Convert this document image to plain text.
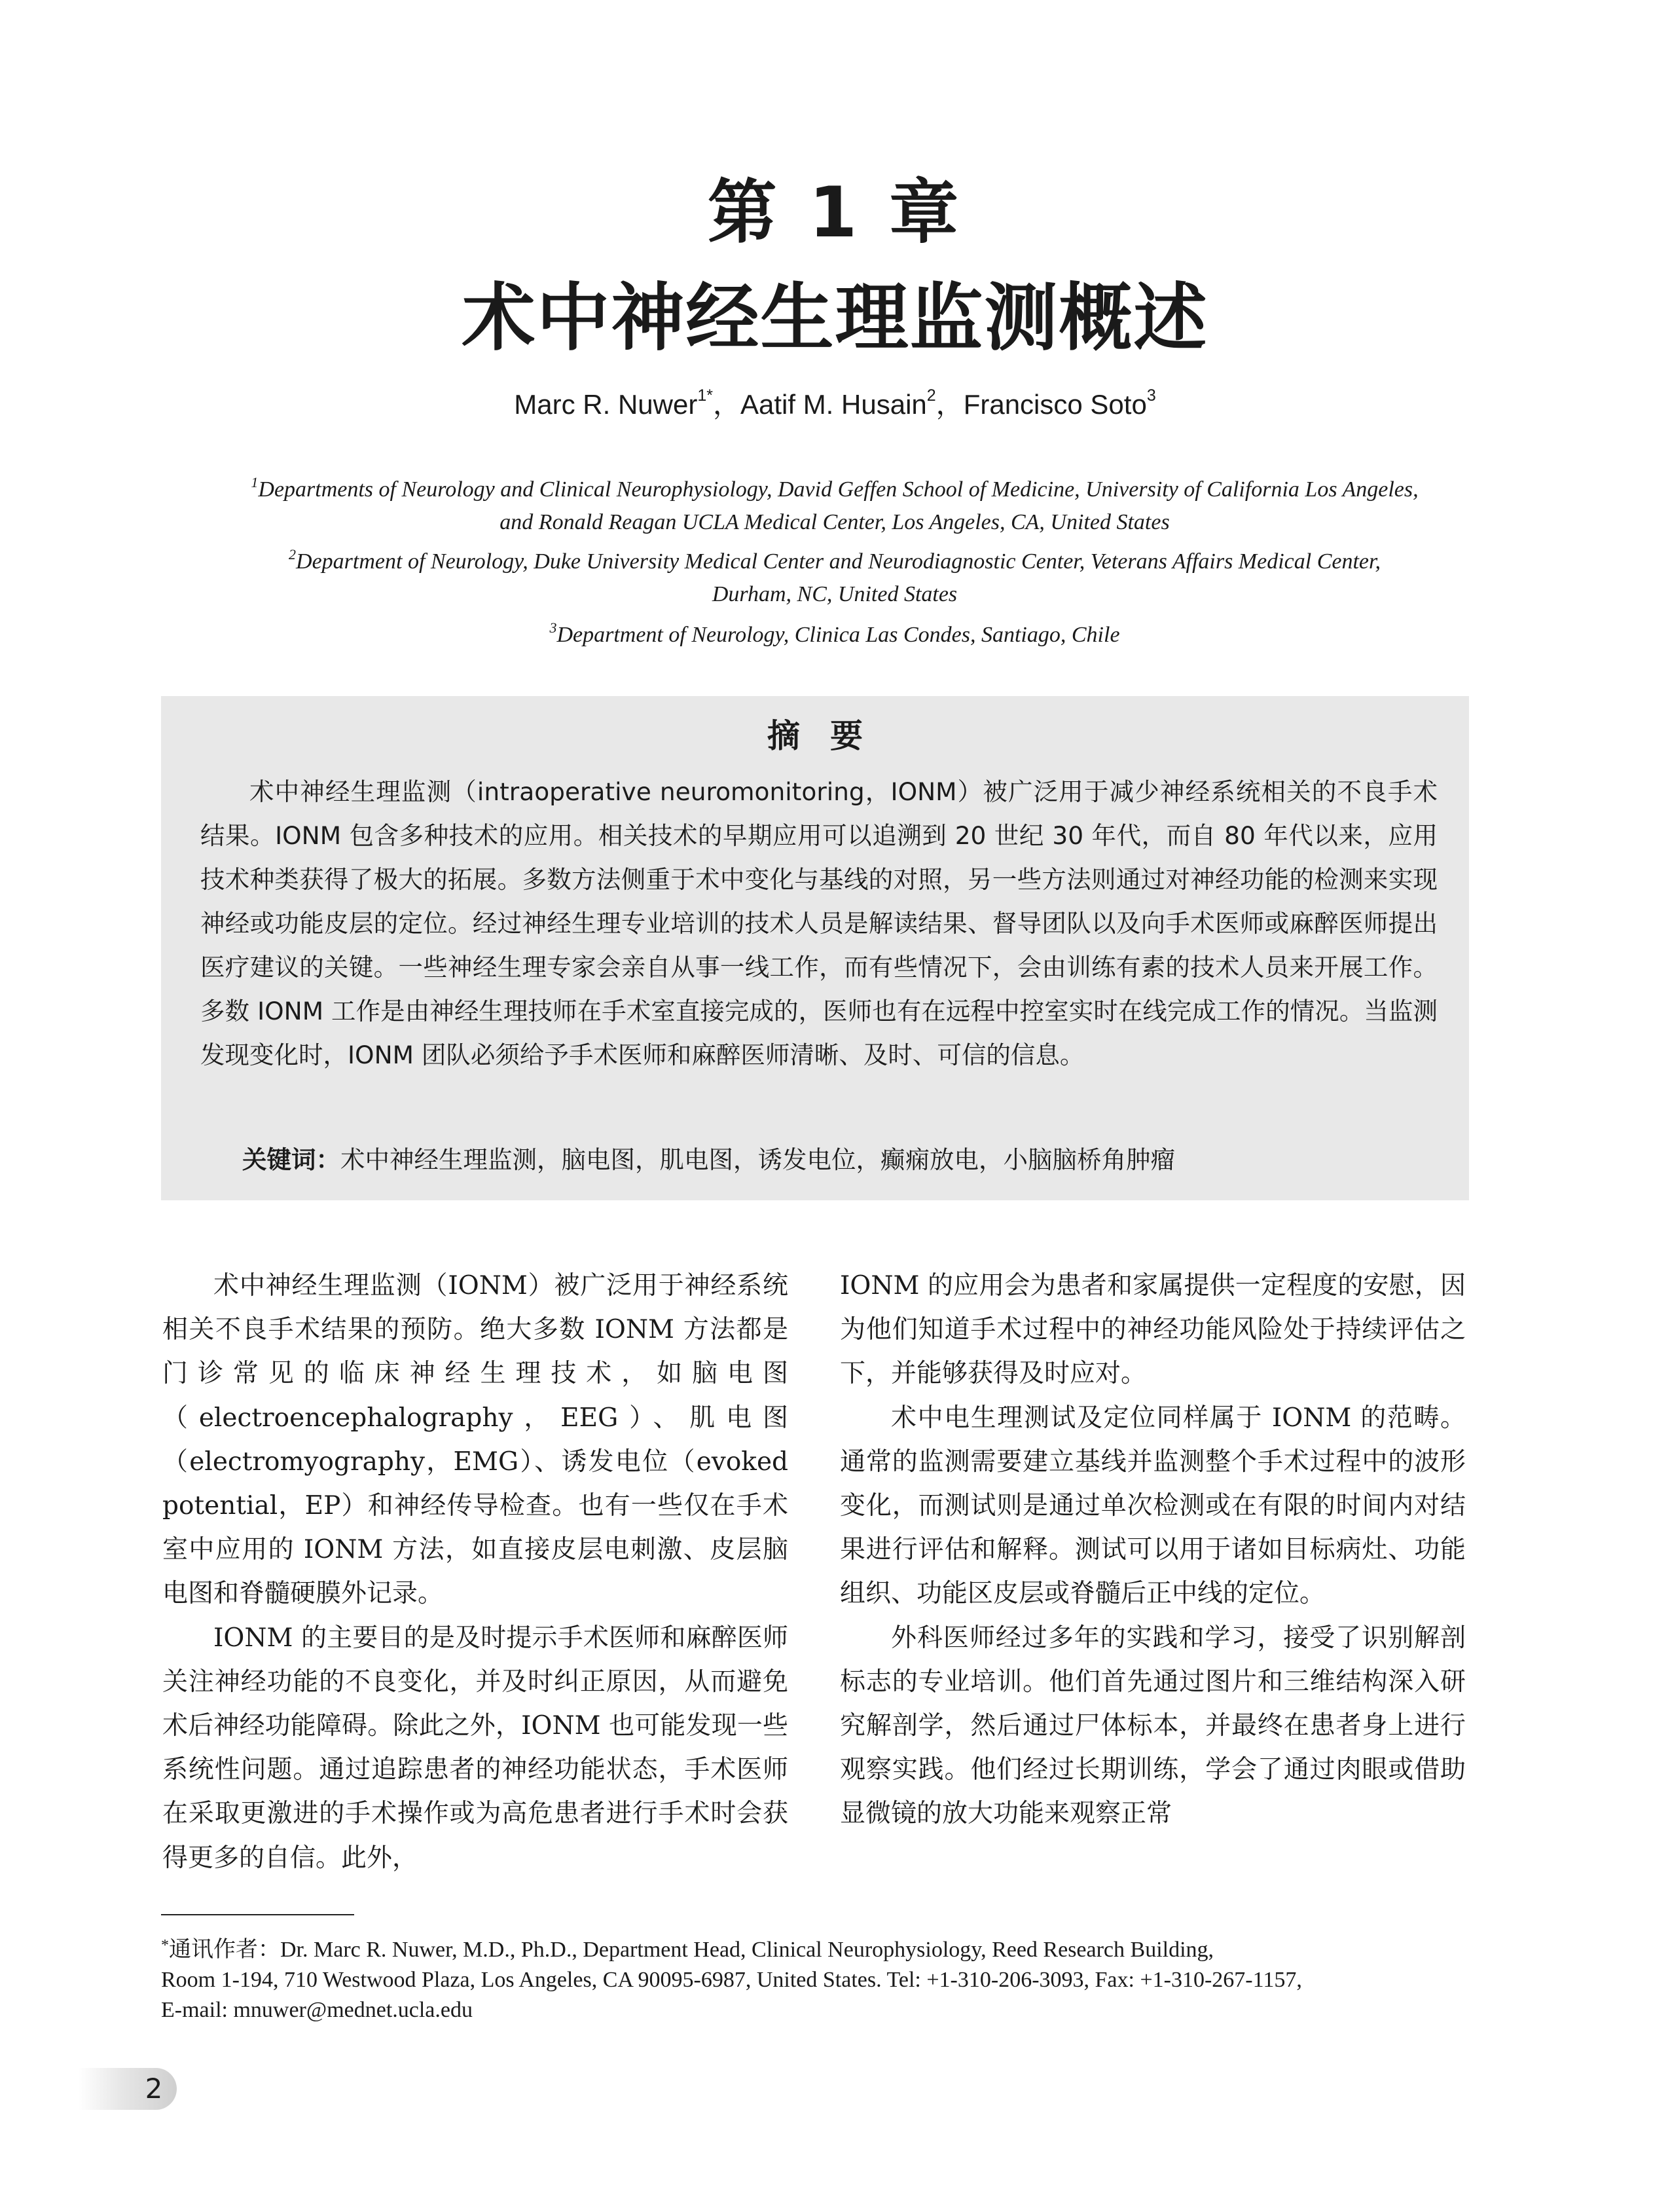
第 1 章
术中神经生理监测概述
Marc R. Nuwer$^{1*}$，Aatif M. Husain$^2$，Francisco Soto$^3$
$^1$Departments of Neurology and Clinical Neurophysiology, David Geffen School of Medicine, University of California Los Angeles,
and Ronald Reagan UCLA Medical Center, Los Angeles, CA, United States
$^2$Department of Neurology, Duke University Medical Center and Neurodiagnostic Center, Veterans Affairs Medical Center,
Durham, NC, United States
$^3$Department of Neurology, Clinica Las Condes, Santiago, Chile
摘要

术中神经生理监测（intraoperative neuromonitoring，IONM）被广泛用于减少神经系统相关的不良手术结果。IONM 包含多种技术的应用。相关技术的早期应用可以追溯到 20 世纪 30 年代，而自 80 年代以来，应用技术种类获得了极大的拓展。多数方法侧重于术中变化与基线的对照，另一些方法则通过对神经功能的检测来实现神经或功能皮层的定位。经过神经生理专业培训的技术人员是解读结果、督导团队以及向手术医师或麻醉医师提出医疗建议的关键。一些神经生理专家会亲自从事一线工作，而有些情况下，会由训练有素的技术人员来开展工作。多数 IONM 工作是由神经生理技师在手术室直接完成的，医师也有在远程中控室实时在线完成工作的情况。当监测发现变化时，IONM 团队必须给予手术医师和麻醉医师清晰、及时、可信的信息。

关键词：术中神经生理监测，脑电图，肌电图，诱发电位，癫痫放电，小脑脑桥角肿瘤

术中神经生理监测（IONM）被广泛用于神经系统相关不良手术结果的预防。绝大多数 IONM 方法都是门诊常见的临床神经生理技术，如脑电图（electroencephalography，EEG）、肌电图（electromyography，EMG）、诱发电位（evoked potential，EP）和神经传导检查。也有一些仅在手术室中应用的 IONM 方法，如直接皮层电刺激、皮层脑电图和脊髓硬膜外记录。

IONM 的主要目的是及时提示手术医师和麻醉医师关注神经功能的不良变化，并及时纠正原因，从而避免术后神经功能障碍。除此之外，IONM 也可能发现一些系统性问题。通过追踪患者的神经功能状态，手术医师在采取更激进的手术操作或为高危患者进行手术时会获得更多的自信。此外，

IONM 的应用会为患者和家属提供一定程度的安慰，因为他们知道手术过程中的神经功能风险处于持续评估之下，并能够获得及时应对。

术中电生理测试及定位同样属于 IONM 的范畴。通常的监测需要建立基线并监测整个手术过程中的波形变化，而测试则是通过单次检测或在有限的时间内对结果进行评估和解释。测试可以用于诸如目标病灶、功能组织、功能区皮层或脊髓后正中线的定位。

外科医师经过多年的实践和学习，接受了识别解剖标志的专业培训。他们首先通过图片和三维结构深入研究解剖学，然后通过尸体标本，并最终在患者身上进行观察实践。他们经过长期训练，学会了通过肉眼或借助显微镜的放大功能来观察正常

*通讯作者：Dr. Marc R. Nuwer, M.D., Ph.D., Department Head, Clinical Neurophysiology, Reed Research Building,
Room 1-194, 710 Westwood Plaza, Los Angeles, CA 90095-6987, United States. Tel: +1-310-206-3093, Fax: +1-310-267-1157,
E-mail: mnuwer@mednet.ucla.edu
2
